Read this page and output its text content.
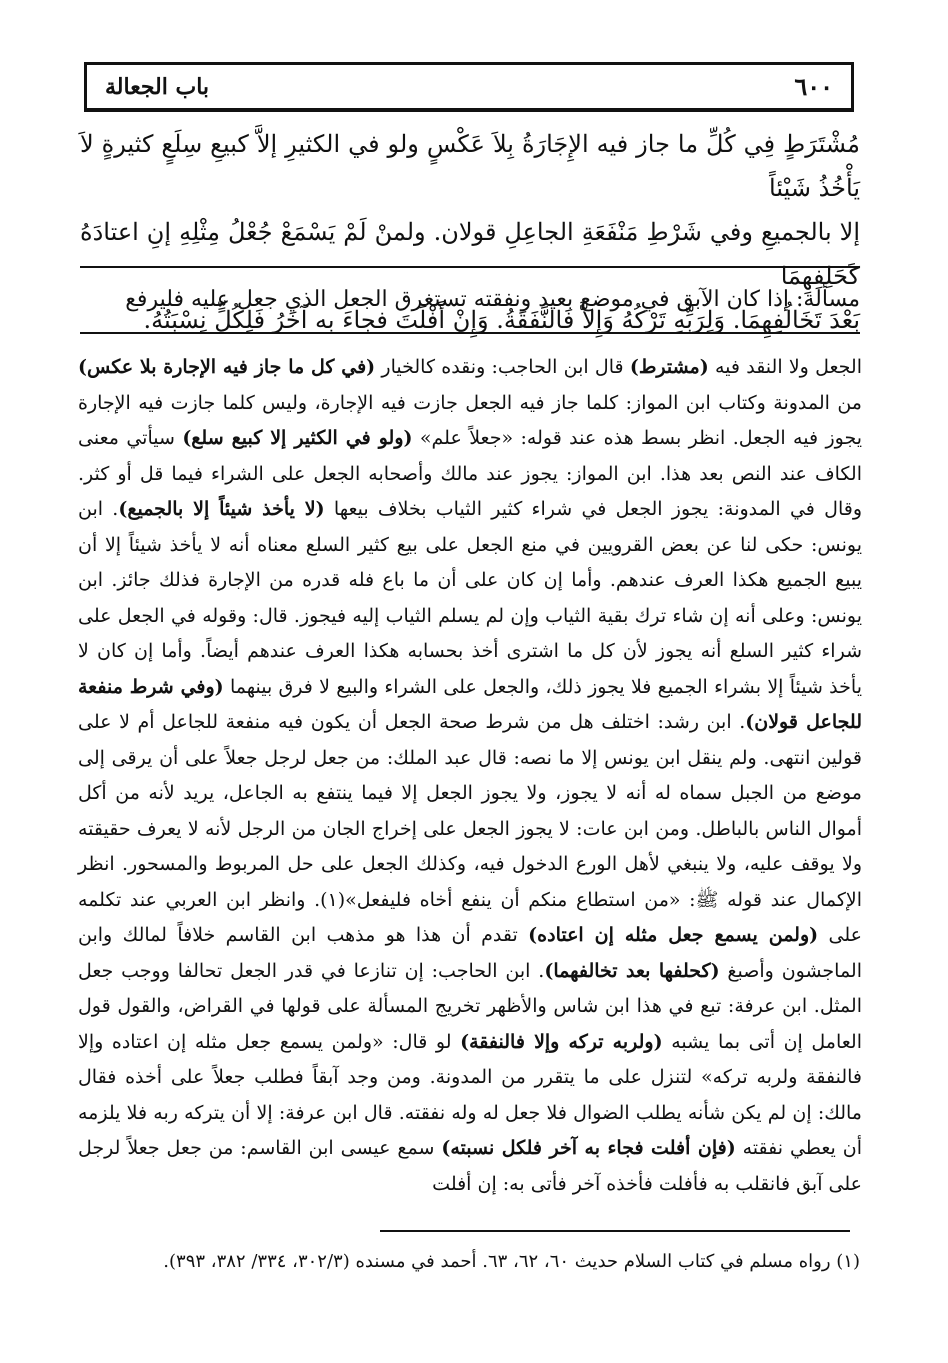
٦٠٠
باب الجعالة

مُشْتَرَطٍ فِي كُلِّ ما جاز فيه الإِجَارَةُ بِلاَ عَكْسٍ ولو في الكثيرِ إلاَّ كبيعِ سِلَعٍ كثيرةٍ لاَ يَأْخُذُ شَيْئاً

إلا بالجميعِ وفي شَرْطِ مَنْفَعَةِ الجاعِلِ قولان. ولمنْ لَمْ يَسْمَعْ جُعْلُ مِثْلِهِ إنِ اعتادَهُ كَحَلِفِهِمَا

بَعْدَ تَخَالُفِهِمَا. وَلِرَبِّهِ تَرْكُهُ وَإِلاَّ فَالنَّفَقَةُ. وَإِنْ أَفْلَتَ فجاءَ به آخَرُ فَلِكُلٍّ نِسْبَتُهُ.

مسألة: إذا كان الآبق في موضع بعيد ونفقته تستغرق الجعل الذي جعل عليه فليرفع

الجعل ولا النقد فيه (مشترط) قال ابن الحاجب: ونقده كالخيار (في كل ما جاز فيه الإجارة بلا عكس) من المدونة وكتاب ابن المواز: كلما جاز فيه الجعل جازت فيه الإجارة، وليس كلما جازت فيه الإجارة يجوز فيه الجعل. انظر بسط هذه عند قوله: «جعلاً علم» (ولو في الكثير إلا كبيع سلع) سيأتي معنى الكاف عند النص بعد هذا. ابن المواز: يجوز عند مالك وأصحابه الجعل على الشراء فيما قل أو كثر. وقال في المدونة: يجوز الجعل في شراء كثير الثياب بخلاف بيعها (لا يأخذ شيئاً إلا بالجميع). ابن يونس: حكى لنا عن بعض القرويين في منع الجعل على بيع كثير السلع معناه أنه لا يأخذ شيئاً إلا أن يبيع الجميع هكذا العرف عندهم. وأما إن كان على أن ما باع فله قدره من الإجارة فذلك جائز. ابن يونس: وعلى أنه إن شاء ترك بقية الثياب وإن لم يسلم الثياب إليه فيجوز. قال: وقوله في الجعل على شراء كثير السلع أنه يجوز لأن كل ما اشترى أخذ بحسابه هكذا العرف عندهم أيضاً. وأما إن كان لا يأخذ شيئاً إلا بشراء الجميع فلا يجوز ذلك، والجعل على الشراء والبيع لا فرق بينهما (وفي شرط منفعة للجاعل قولان). ابن رشد: اختلف هل من شرط صحة الجعل أن يكون فيه منفعة للجاعل أم لا على قولين انتهى. ولم ينقل ابن يونس إلا ما نصه: قال عبد الملك: من جعل لرجل جعلاً على أن يرقى إلى موضع من الجبل سماه له أنه لا يجوز، ولا يجوز الجعل إلا فيما ينتفع به الجاعل، يريد لأنه من أكل أموال الناس بالباطل. ومن ابن عات: لا يجوز الجعل على إخراج الجان من الرجل لأنه لا يعرف حقيقته ولا يوقف عليه، ولا ينبغي لأهل الورع الدخول فيه، وكذلك الجعل على حل المربوط والمسحور. انظر الإكمال عند قوله ﷺ: «من استطاع منكم أن ينفع أخاه فليفعل»(١). وانظر ابن العربي عند تكلمه على (ولمن يسمع جعل مثله إن اعتاده) تقدم أن هذا هو مذهب ابن القاسم خلافاً لمالك وابن الماجشون وأصبغ (كحلفها بعد تخالفهما). ابن الحاجب: إن تنازعا في قدر الجعل تحالفا ووجب جعل المثل. ابن عرفة: تبع في هذا ابن شاس والأظهر تخريج المسألة على قولها في القراض، والقول قول العامل إن أتى بما يشبه (ولربه تركه وإلا فالنفقة) لو قال: «ولمن يسمع جعل مثله إن اعتاده وإلا فالنفقة ولربه تركه» لتنزل على ما يتقرر من المدونة. ومن وجد آبقاً فطلب جعلاً على أخذه فقال مالك: إن لم يكن شأنه يطلب الضوال فلا جعل له وله نفقته. قال ابن عرفة: إلا أن يتركه ربه فلا يلزمه أن يعطي نفقته (فإن أفلت فجاء به آخر فلكل نسبته) سمع عيسى ابن القاسم: من جعل جعلاً لرجل على آبق فانقلب به فأفلت فأخذه آخر فأتى به: إن أفلت

(١) رواه مسلم في كتاب السلام حديث ٦٠، ٦٢، ٦٣. أحمد في مسنده (٣٠٢/٣، ٣٣٤/ ٣٨٢، ٣٩٣).
